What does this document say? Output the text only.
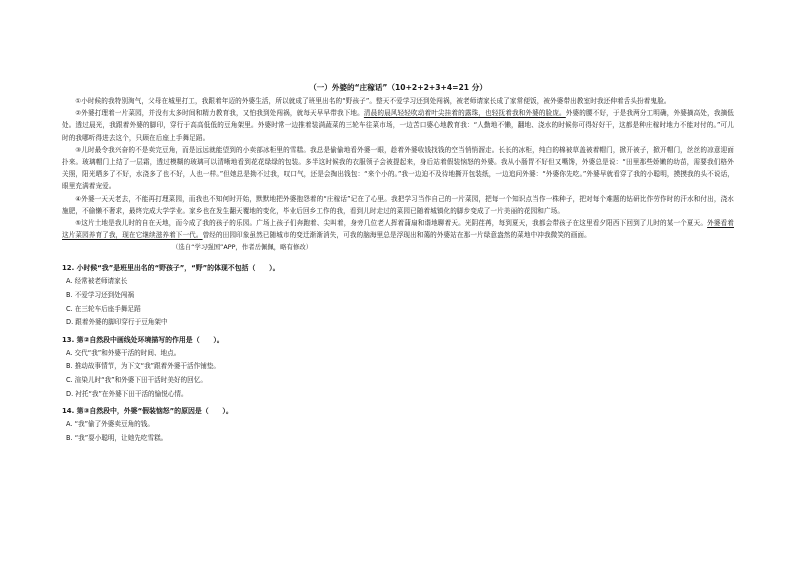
（一）外婆的“庄稼话”（10+2+2+3+4=21 分）

①小时候的我特别淘气，父母在城里打工，我跟着年迈的外婆生活，所以就成了班里出名的“野孩子”。整天不爱学习还到处闯祸，被老师请家长成了家常便饭，被外婆带出教室时我还伸着舌头扮着鬼脸。

②外婆打理着一片菜园，并没有太多时间和精力教育我，又怕我到处闯祸，就每天早早带我下地。清晨的晨风轻轻吹动着叶尖挂着的露珠，也轻抚着我和外婆的脸庞。外婆的腰不好，于是我两分工明确，外婆摘高处，我摘低处。透过晨光，我跟着外婆的脚印，穿行于高高低低的豆角架里。外婆时常一边推着装满蔬菜的三轮车往菜市场，一边苦口婆心地教育我：“人勤地不懒，翻地、浇水的时候你可得好好干，这都是种庄稼时地力不能对付的。”可儿时的我哪听得进去这个，只顾在后座上手舞足蹈。

③儿时最令我兴奋的不是卖完豆角，而是远远就能望到的小卖部冰柜里的雪糕。我总是偷偷地看外婆一眼，趁着外婆收钱找钱的空当悄悄溜走。长长的冰柜，纯白的棉被草盖被着帽门，掀开被子，掀开帽门，丝丝的凉意迎面扑来。玻璃帽门上结了一层霜，透过模糊的玻璃可以清晰地看到花花绿绿的包装。多半这时候我的衣服领子会被提起来，身后站着假装恼怒的外婆。我从小肠胃不好但又嘴馋，外婆总是说：“田里那些娇嫩的幼苗，需要我们格外关照，阳光晒多了不好，水浇多了也不好，人也一样。”但她总是拗不过我，叹口气，还是会掏出钱包：“来个小的。”我一边迫不及待地撕开包装纸，一边追问外婆：“外婆你先吃。”外婆早就看穿了我的小聪明，摸摸我的头不说话，眼里充满着宠爱。

④外婆一天天老去，不能再打理菜园，而我也不知何时开始，默默地把外婆抱怨着的“庄稼话”记在了心里。我把学习当作自己的一片菜园，把每一个知识点当作一株种子，把对每个难题的钻研比作劳作时的汗水和付出，浇水施肥，不偷懒不奢求，最终完成大学学业。家乡也在发生翻天覆地的变化，毕业后回乡工作的我，看到儿时走过的菜园已随着城镇化的脚步变成了一片美丽的花园和广场。

⑤这片土地是我儿时的自在天地，而今成了我的孩子的乐园。广场上孩子们奔跑着、尖叫着，身旁几位老人挥着蒲扇和谐地聊着天。光阴荏苒，每到夏天，我都会带孩子在这里看夕阳西下回到了儿时的某一个夏天。外婆看着这片菜园养育了我，现在它继续滋养着下一代。曾经的田园印象虽然已随城市的变迁渐渐消失，可我的脑海里总是浮现出和蔼的外婆站在那一片绿意盎然的菜地中冲我微笑的画面。

（选自“学习强国”APP，作者岳佩佩，略有修改）
12. 小时候“我”是班里出名的“野孩子”，“野”的体现不包括（　　）。
A. 经常被老师请家长
B. 不爱学习还到处闯祸
C. 在三轮车后座手舞足蹈
D. 跟着外婆的脚印穿行于豆角架中
13. 第②自然段中画线处环境描写的作用是（　　）。
A. 交代“我”和外婆干活的时间、地点。
B. 推动故事情节，为下文“我”跟着外婆干活作铺垫。
C. 渲染儿时“我”和外婆下田干活时美好的回忆。
D. 衬托“我”在外婆下田干活的愉悦心情。
14. 第③自然段中，外婆“假装恼怒”的原因是（　　）。
A. “我”偷了外婆卖豆角的钱。
B. “我”耍小聪明，让她先吃雪糕。
